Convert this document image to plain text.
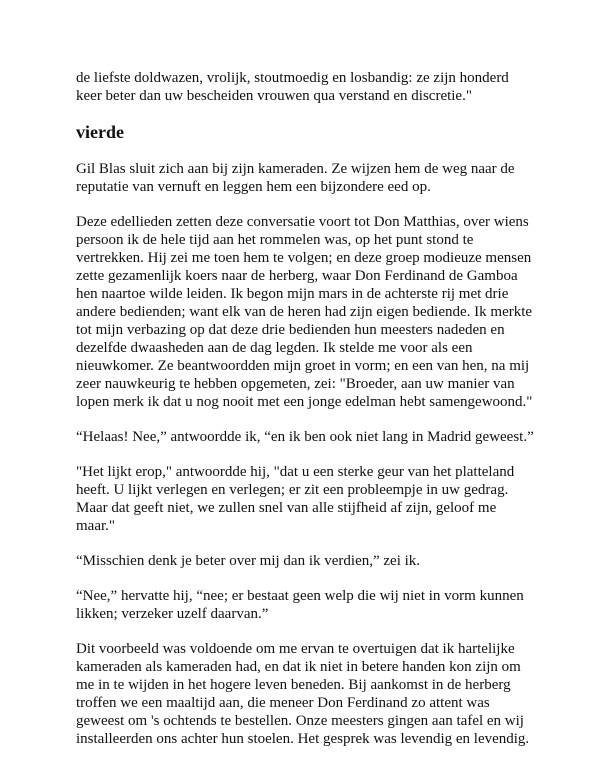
de liefste doldwazen, vrolijk, stoutmoedig en losbandig: ze zijn honderd
keer beter dan uw bescheiden vrouwen qua verstand en discretie."

vierde

Gil Blas sluit zich aan bij zijn kameraden. Ze wijzen hem de weg naar de
reputatie van vernuft en leggen hem een bijzondere eed op.

Deze edellieden zetten deze conversatie voort tot Don Matthias, over wiens
persoon ik de hele tijd aan het rommelen was, op het punt stond te
vertrekken. Hij zei me toen hem te volgen; en deze groep modieuze mensen
zette gezamenlijk koers naar de herberg, waar Don Ferdinand de Gamboa
hen naartoe wilde leiden. Ik begon mijn mars in de achterste rij met drie
andere bedienden; want elk van de heren had zijn eigen bediende. Ik merkte
tot mijn verbazing op dat deze drie bedienden hun meesters nadeden en
dezelfde dwaasheden aan de dag legden. Ik stelde me voor als een
nieuwkomer. Ze beantwoordden mijn groet in vorm; en een van hen, na mij
zeer nauwkeurig te hebben opgemeten, zei: "Broeder, aan uw manier van
lopen merk ik dat u nog nooit met een jonge edelman hebt samengewoond."

“Helaas! Nee,” antwoordde ik, “en ik ben ook niet lang in Madrid geweest.”

"Het lijkt erop," antwoordde hij, "dat u een sterke geur van het platteland
heeft. U lijkt verlegen en verlegen; er zit een probleempje in uw gedrag.
Maar dat geeft niet, we zullen snel van alle stijfheid af zijn, geloof me
maar."

“Misschien denk je beter over mij dan ik verdien,” zei ik.

“Nee,” hervatte hij, “nee; er bestaat geen welp die wij niet in vorm kunnen
likken; verzeker uzelf daarvan.”

Dit voorbeeld was voldoende om me ervan te overtuigen dat ik hartelijke
kameraden als kameraden had, en dat ik niet in betere handen kon zijn om
me in te wijden in het hogere leven beneden. Bij aankomst in de herberg
troffen we een maaltijd aan, die meneer Don Ferdinand zo attent was
geweest om 's ochtends te bestellen. Onze meesters gingen aan tafel en wij
installeerden ons achter hun stoelen. Het gesprek was levendig en levendig.
